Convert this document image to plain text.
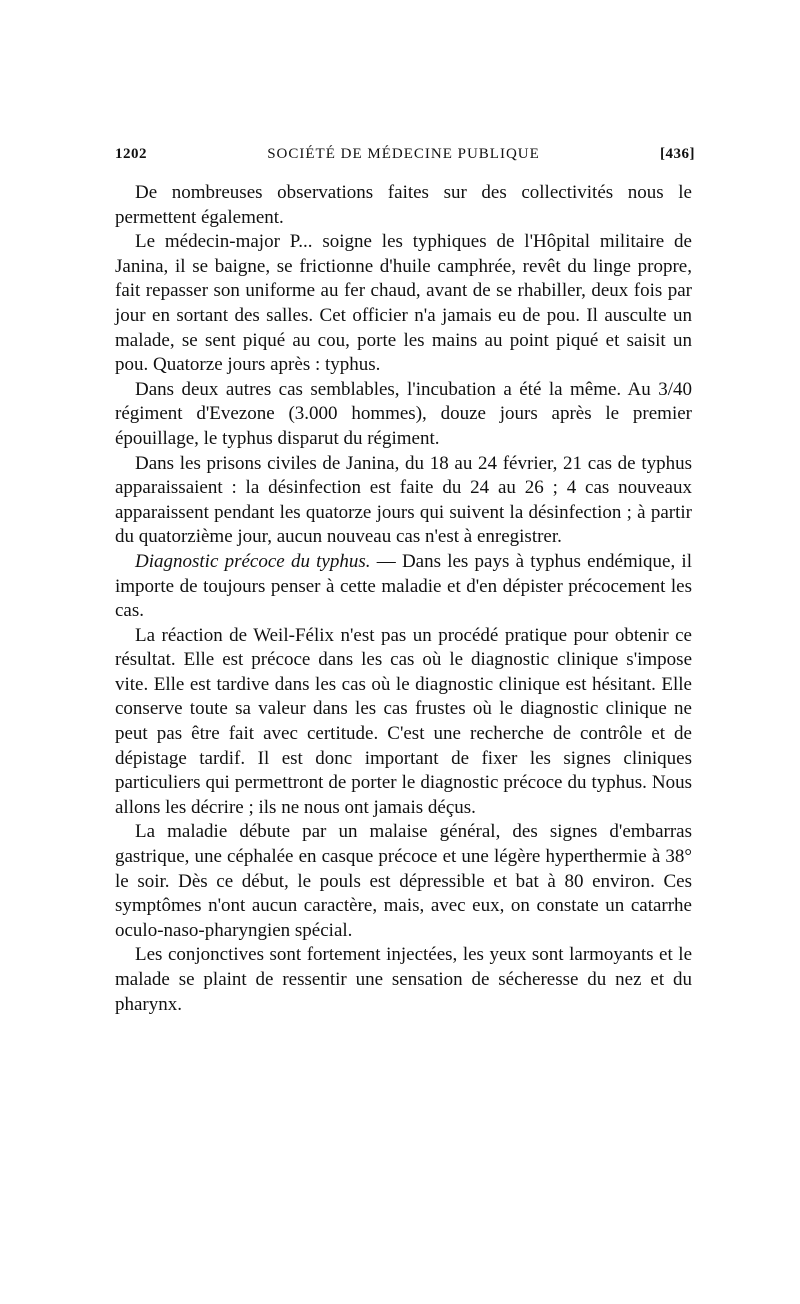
1202	SOCIÉTÉ DE MÉDECINE PUBLIQUE	[436]

De nombreuses observations faites sur des collectivités nous le permettent également.

Le médecin-major P... soigne les typhiques de l'Hôpital militaire de Janina, il se baigne, se frictionne d'huile camphrée, revêt du linge propre, fait repasser son uniforme au fer chaud, avant de se rhabiller, deux fois par jour en sortant des salles. Cet officier n'a jamais eu de pou. Il ausculte un malade, se sent piqué au cou, porte les mains au point piqué et saisit un pou. Quatorze jours après : typhus.

Dans deux autres cas semblables, l'incubation a été la même. Au 3/40 régiment d'Evezone (3.000 hommes), douze jours après le premier épouillage, le typhus disparut du régiment.

Dans les prisons civiles de Janina, du 18 au 24 février, 21 cas de typhus apparaissaient : la désinfection est faite du 24 au 26 ; 4 cas nouveaux apparaissent pendant les quatorze jours qui suivent la désinfection ; à partir du quatorzième jour, aucun nouveau cas n'est à enregistrer.

Diagnostic précoce du typhus. — Dans les pays à typhus endémique, il importe de toujours penser à cette maladie et d'en dépister précocement les cas.

La réaction de Weil-Félix n'est pas un procédé pratique pour obtenir ce résultat. Elle est précoce dans les cas où le diagnostic clinique s'impose vite. Elle est tardive dans les cas où le diagnostic clinique est hésitant. Elle conserve toute sa valeur dans les cas frustes où le diagnostic clinique ne peut pas être fait avec certitude. C'est une recherche de contrôle et de dépistage tardif. Il est donc important de fixer les signes cliniques particuliers qui permettront de porter le diagnostic précoce du typhus. Nous allons les décrire ; ils ne nous ont jamais déçus.

La maladie débute par un malaise général, des signes d'embarras gastrique, une céphalée en casque précoce et une légère hyperthermie à 38° le soir. Dès ce début, le pouls est dépressible et bat à 80 environ. Ces symptômes n'ont aucun caractère, mais, avec eux, on constate un catarrhe oculo-naso-pharyngien spécial.

Les conjonctives sont fortement injectées, les yeux sont larmoyants et le malade se plaint de ressentir une sensation de sécheresse du nez et du pharynx.
